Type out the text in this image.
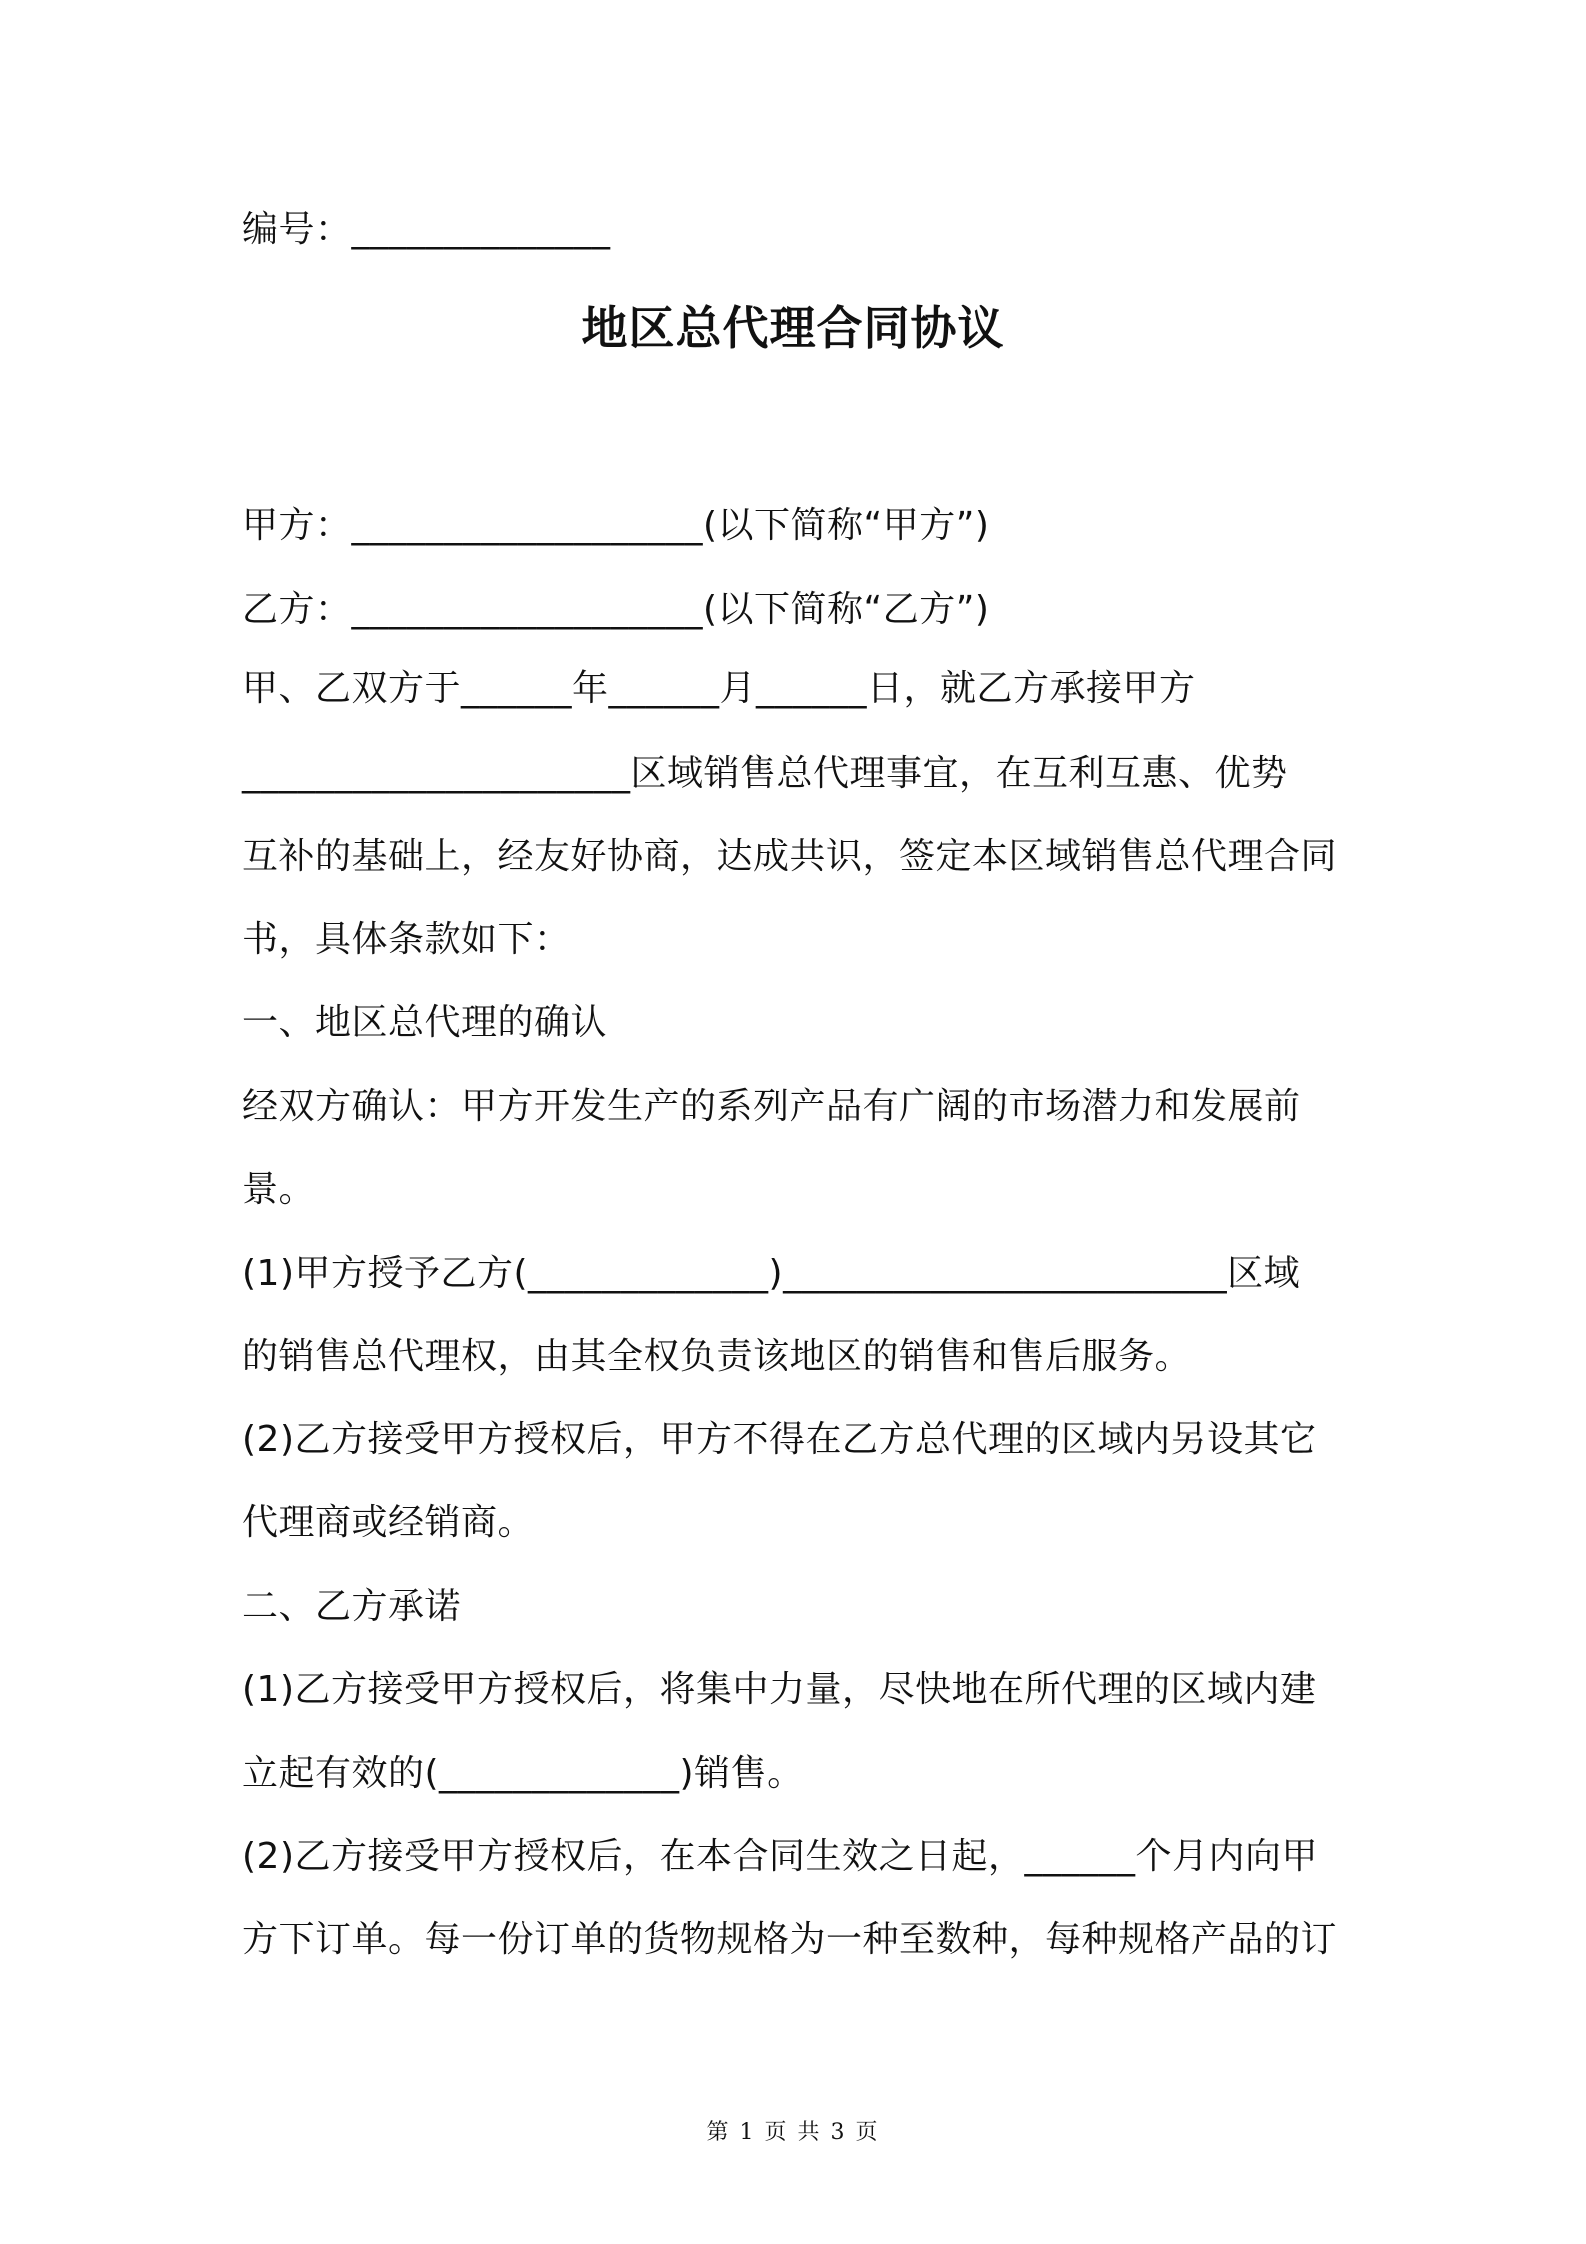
编号：______________
地区总代理合同协议
甲方：___________________(以下简称“甲方”)
乙方：___________________(以下简称“乙方”)
甲、乙双方于______年______月______日，就乙方承接甲方
_____________________区域销售总代理事宜，在互利互惠、优势
互补的基础上，经友好协商，达成共识，签定本区域销售总代理合同
书，具体条款如下：
一、地区总代理的确认
经双方确认：甲方开发生产的系列产品有广阔的市场潜力和发展前
景。
(1)甲方授予乙方(_____________)________________________区域
的销售总代理权，由其全权负责该地区的销售和售后服务。
(2)乙方接受甲方授权后，甲方不得在乙方总代理的区域内另设其它
代理商或经销商。
二、乙方承诺
(1)乙方接受甲方授权后，将集中力量，尽快地在所代理的区域内建
立起有效的(_____________)销售。
(2)乙方接受甲方授权后，在本合同生效之日起，______个月内向甲
方下订单。每一份订单的货物规格为一种至数种，每种规格产品的订
第 1 页 共 3 页
